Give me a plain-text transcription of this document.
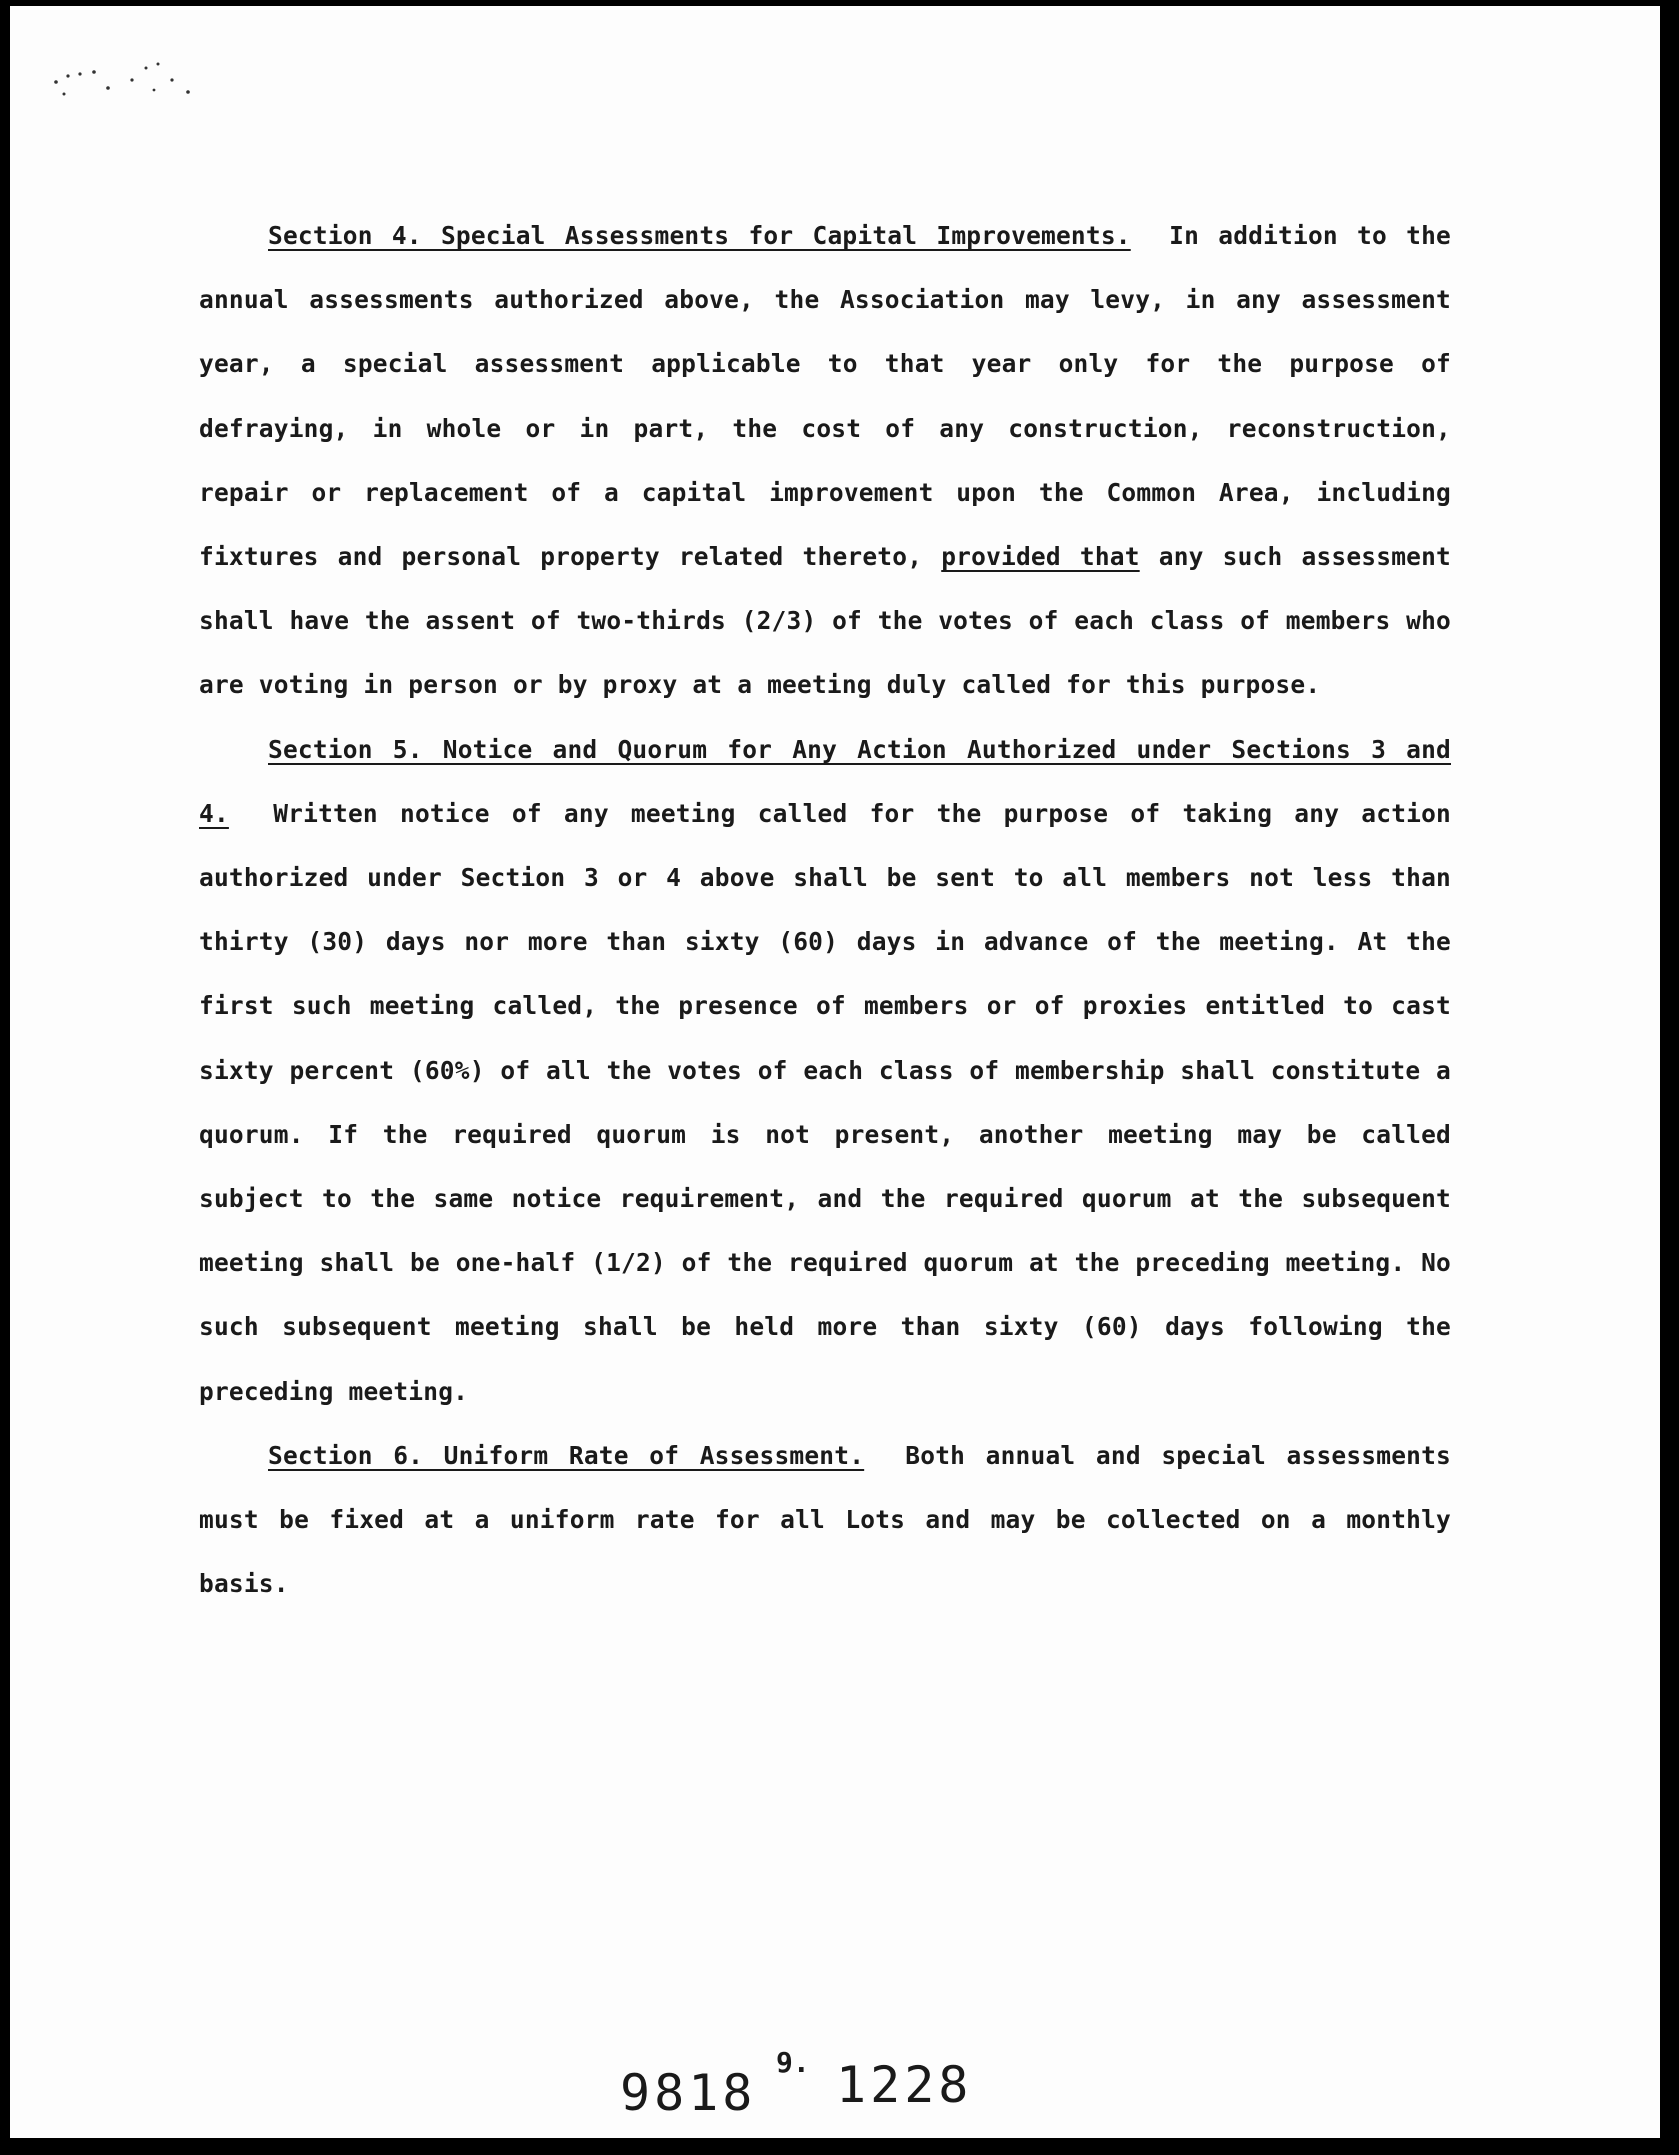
Section 4. Special Assessments for Capital Improvements. In addition to the annual assessments authorized above, the Association may levy, in any assessment year, a special assessment applicable to that year only for the purpose of defraying, in whole or in part, the cost of any construction, reconstruction, repair or replacement of a capital improvement upon the Common Area, including fixtures and personal property related thereto, provided that any such assessment shall have the assent of two-thirds (2/3) of the votes of each class of members who are voting in person or by proxy at a meeting duly called for this purpose.

Section 5. Notice and Quorum for Any Action Authorized under Sections 3 and 4. Written notice of any meeting called for the purpose of taking any action authorized under Section 3 or 4 above shall be sent to all members not less than thirty (30) days nor more than sixty (60) days in advance of the meeting. At the first such meeting called, the presence of members or of proxies entitled to cast sixty percent (60%) of all the votes of each class of membership shall constitute a quorum. If the required quorum is not present, another meeting may be called subject to the same notice requirement, and the required quorum at the subsequent meeting shall be one-half (1/2) of the required quorum at the preceding meeting. No such subsequent meeting shall be held more than sixty (60) days following the preceding meeting.

Section 6. Uniform Rate of Assessment. Both annual and special assessments must be fixed at a uniform rate for all Lots and may be collected on a monthly basis.

9.
9818 1228
